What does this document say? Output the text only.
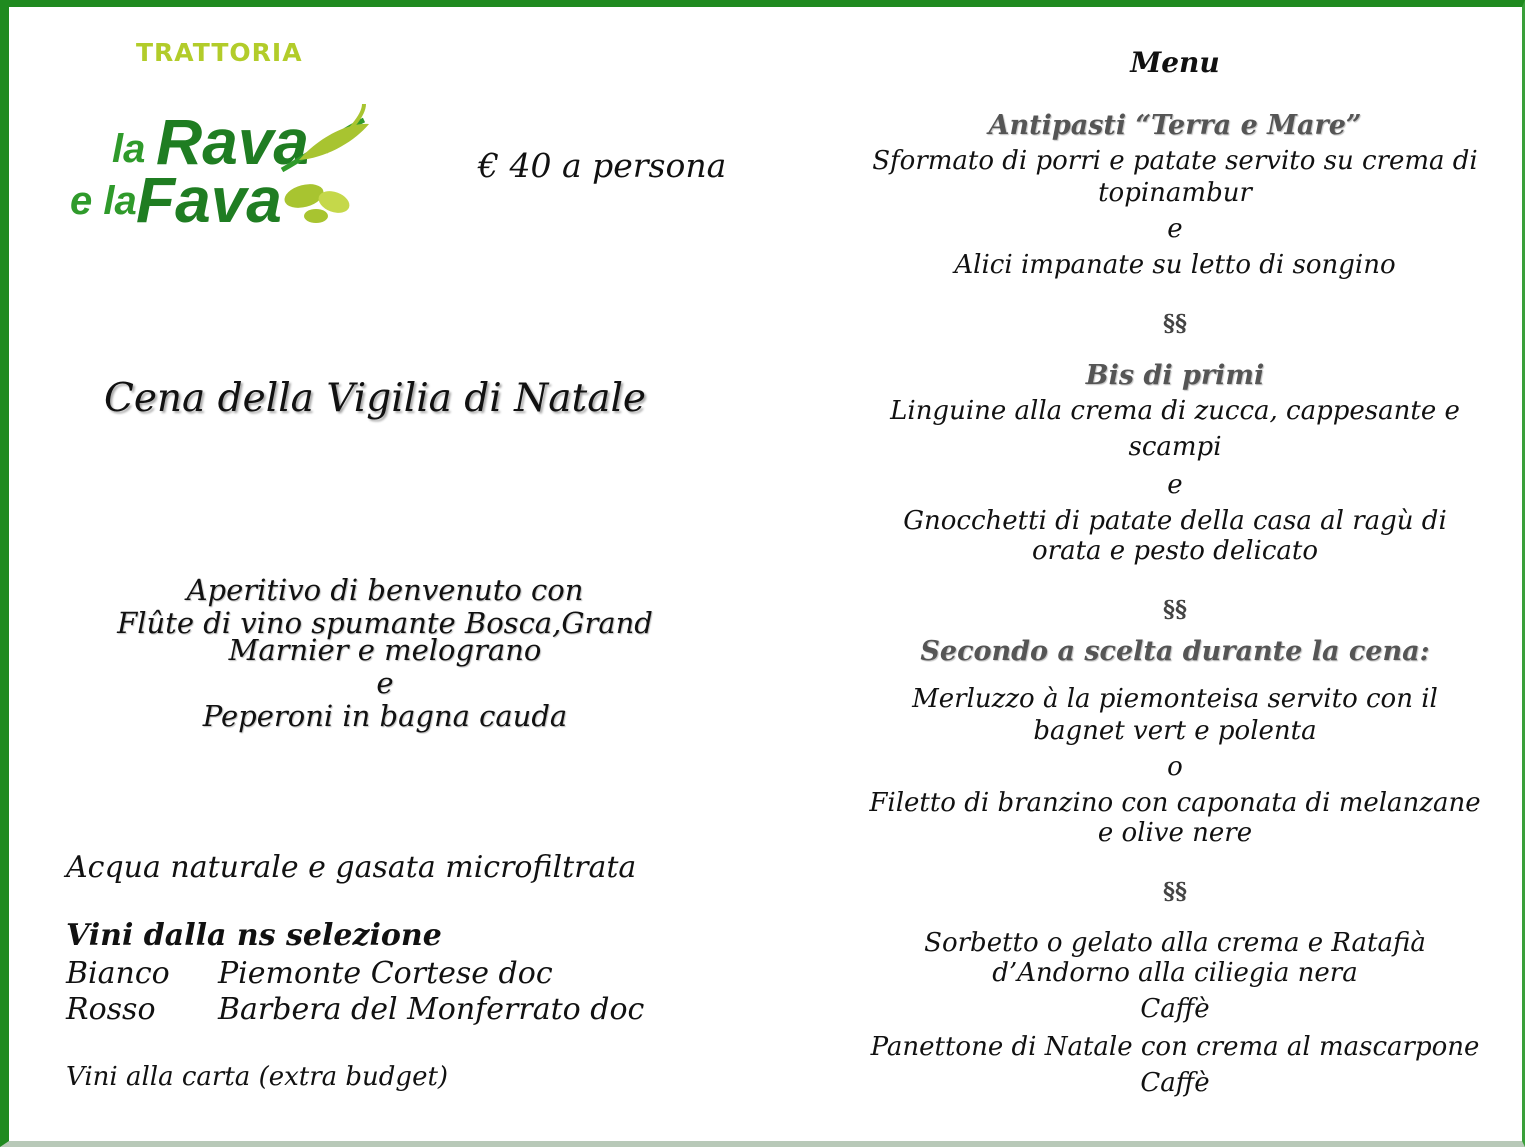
TRATTORIA
la Rava
e la Fava	€ 40 a persona
Cena della Vigilia di Natale
Aperitivo di benvenuto con
Flûte di vino spumante Bosca,Grand
Marnier e melograno
e
Peperoni in bagna cauda
Acqua naturale e gasata microfiltrata
Vini dalla ns selezione
Bianco Piemonte Cortese doc
Rosso Barbera del Monferrato doc
Vini alla carta (extra budget)
Menu
Antipasti “Terra e Mare”
Sformato di porri e patate servito su crema di
topinambur
e
Alici impanate su letto di songino
§§
Bis di primi
Linguine alla crema di zucca, cappesante e
scampi
e
Gnocchetti di patate della casa al ragù di
orata e pesto delicato
§§
Secondo a scelta durante la cena:
Merluzzo à la piemonteisa servito con il
bagnet vert e polenta
o
Filetto di branzino con caponata di melanzane
e olive nere
§§
Sorbetto o gelato alla crema e Ratafià
d’Andorno alla ciliegia nera
Caffè
Panettone di Natale con crema al mascarpone
Caffè
